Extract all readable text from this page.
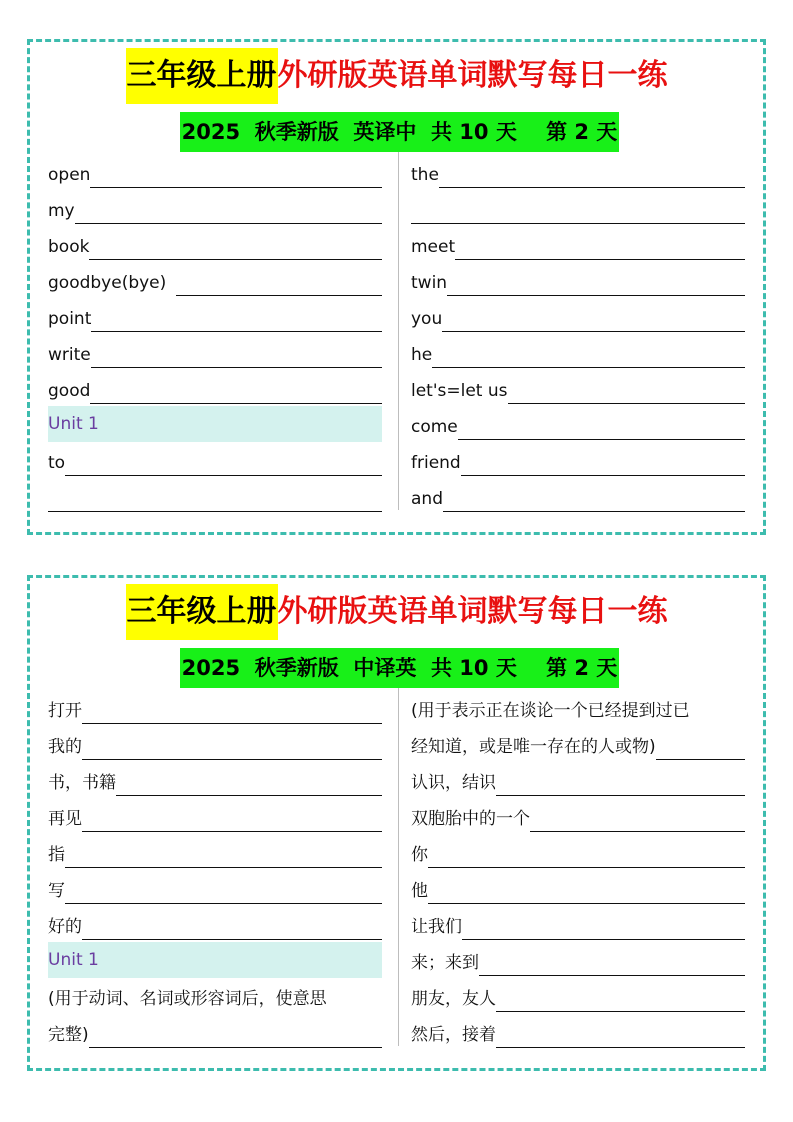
三年级上册外研版英语单词默写每日一练
2025  秋季新版  英译中  共 10 天    第 2 天
open
my
book
goodbye(bye)
point
write
good
Unit 1
to
the
meet
twin
you
he
let's=let us
come
friend
and
三年级上册外研版英语单词默写每日一练
2025  秋季新版  中译英  共 10 天    第 2 天
打开
我的
书，书籍
再见
指
写
好的
Unit 1
(用于动词、名词或形容词后，使意思
完整)
(用于表示正在谈论一个已经提到过已
经知道，或是唯一存在的人或物)
认识，结识
双胞胎中的一个
你
他
让我们
来；来到
朋友，友人
然后，接着
